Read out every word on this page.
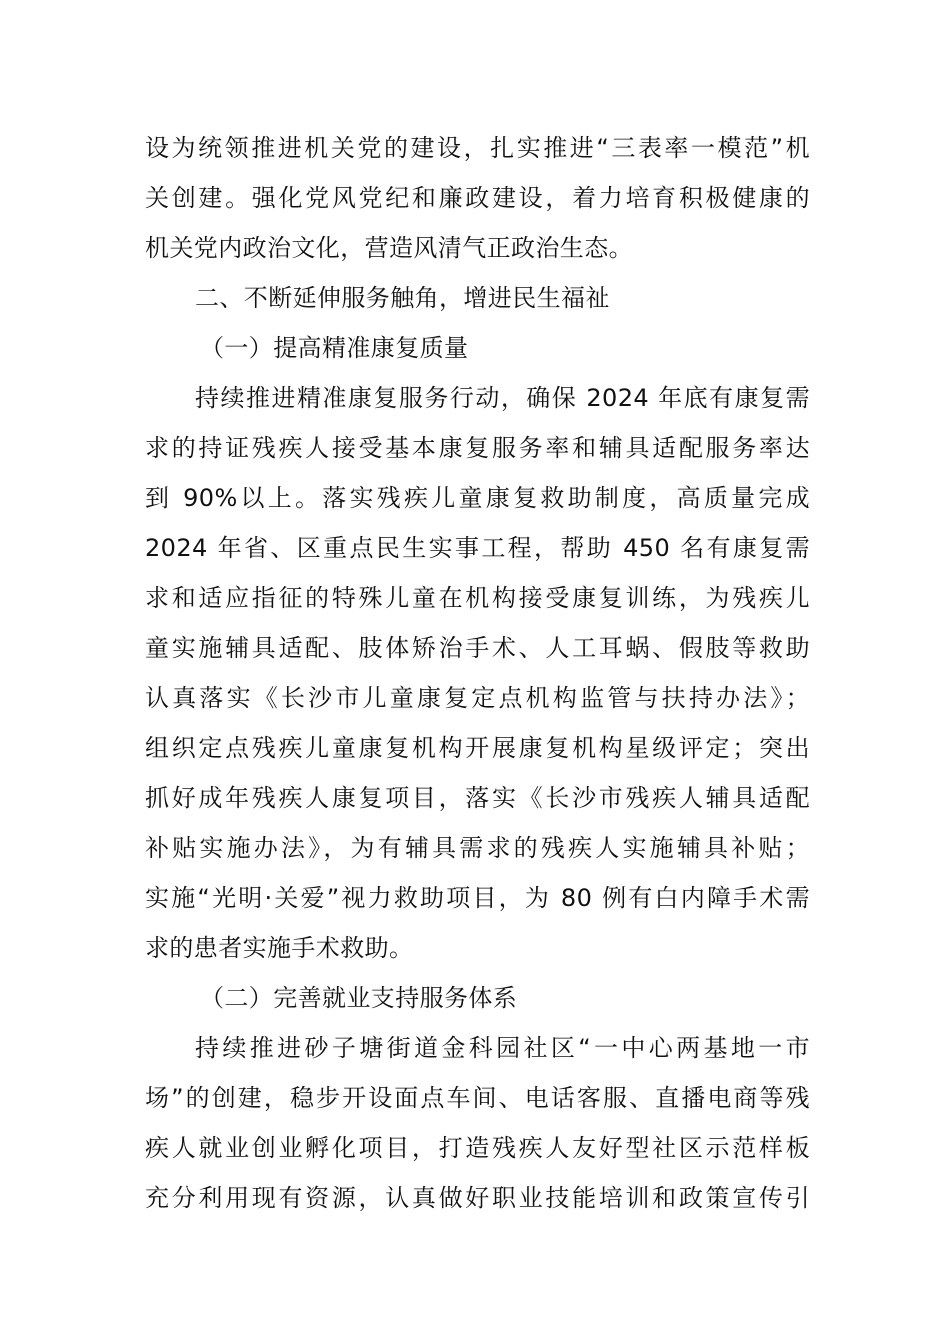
设为统领推进机关党的建设，扎实推进“三表率一模范”机
关创建。强化党风党纪和廉政建设，着力培育积极健康的
机关党内政治文化，营造风清气正政治生态。
二、不断延伸服务触角，增进民生福祉
（一）提高精准康复质量
持续推进精准康复服务行动，确保 2024 年底有康复需
求的持证残疾人接受基本康复服务率和辅具适配服务率达
到 90%以上。落实残疾儿童康复救助制度，高质量完成
2024 年省、区重点民生实事工程，帮助 450 名有康复需
求和适应指征的特殊儿童在机构接受康复训练，为残疾儿
童实施辅具适配、肢体矫治手术、人工耳蜗、假肢等救助
认真落实《长沙市儿童康复定点机构监管与扶持办法》；
组织定点残疾儿童康复机构开展康复机构星级评定；突出
抓好成年残疾人康复项目，落实《长沙市残疾人辅具适配
补贴实施办法》，为有辅具需求的残疾人实施辅具补贴；
实施“光明·关爱”视力救助项目，为 80 例有白内障手术需
求的患者实施手术救助。
（二）完善就业支持服务体系
持续推进砂子塘街道金科园社区“一中心两基地一市
场”的创建，稳步开设面点车间、电话客服、直播电商等残
疾人就业创业孵化项目，打造残疾人友好型社区示范样板
充分利用现有资源，认真做好职业技能培训和政策宣传引
